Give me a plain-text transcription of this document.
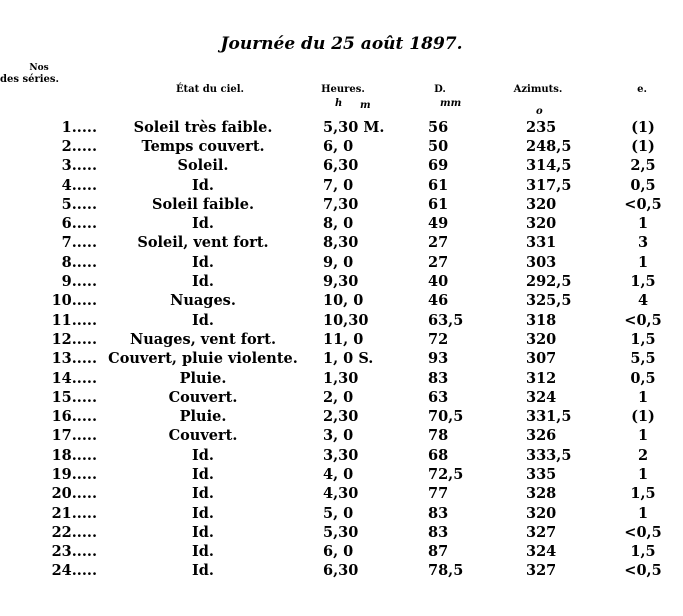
Journée du 25 août 1897.
Nos
des séries.
État du ciel.	Heures.	D.	Azimuts.	e.
h m	mm
o
1.....	Soleil très faible.	5,30 M.	56	235	(1)
2.....	Temps couvert.	6, 0	50	248,5	(1)
3.....	Soleil.	6,30	69	314,5	2,5
4.....	Id.	7, 0	61	317,5	0,5
5.....	Soleil faible.	7,30	61	320	<0,5
6.....	Id.	8, 0	49	320	1
7.....	Soleil, vent fort.	8,30	27	331	3
8.....	Id.	9, 0	27	303	1
9.....	Id.	9,30	40	292,5	1,5
10.....	Nuages.	10, 0	46	325,5	4
11.....	Id.	10,30	63,5	318	<0,5
12.....	Nuages, vent fort.	11, 0	72	320	1,5
13.....	Couvert, pluie violente.	1, 0 S.	93	307	5,5
14.....	Pluie.	1,30	83	312	0,5
15.....	Couvert.	2, 0	63	324	1
16.....	Pluie.	2,30	70,5	331,5	(1)
17.....	Couvert.	3, 0	78	326	1
18.....	Id.	3,30	68	333,5	2
19.....	Id.	4, 0	72,5	335	1
20.....	Id.	4,30	77	328	1,5
21.....	Id.	5, 0	83	320	1
22.....	Id.	5,30	83	327	<0,5
23.....	Id.	6, 0	87	324	1,5
24.....	Id.	6,30	78,5	327	<0,5
